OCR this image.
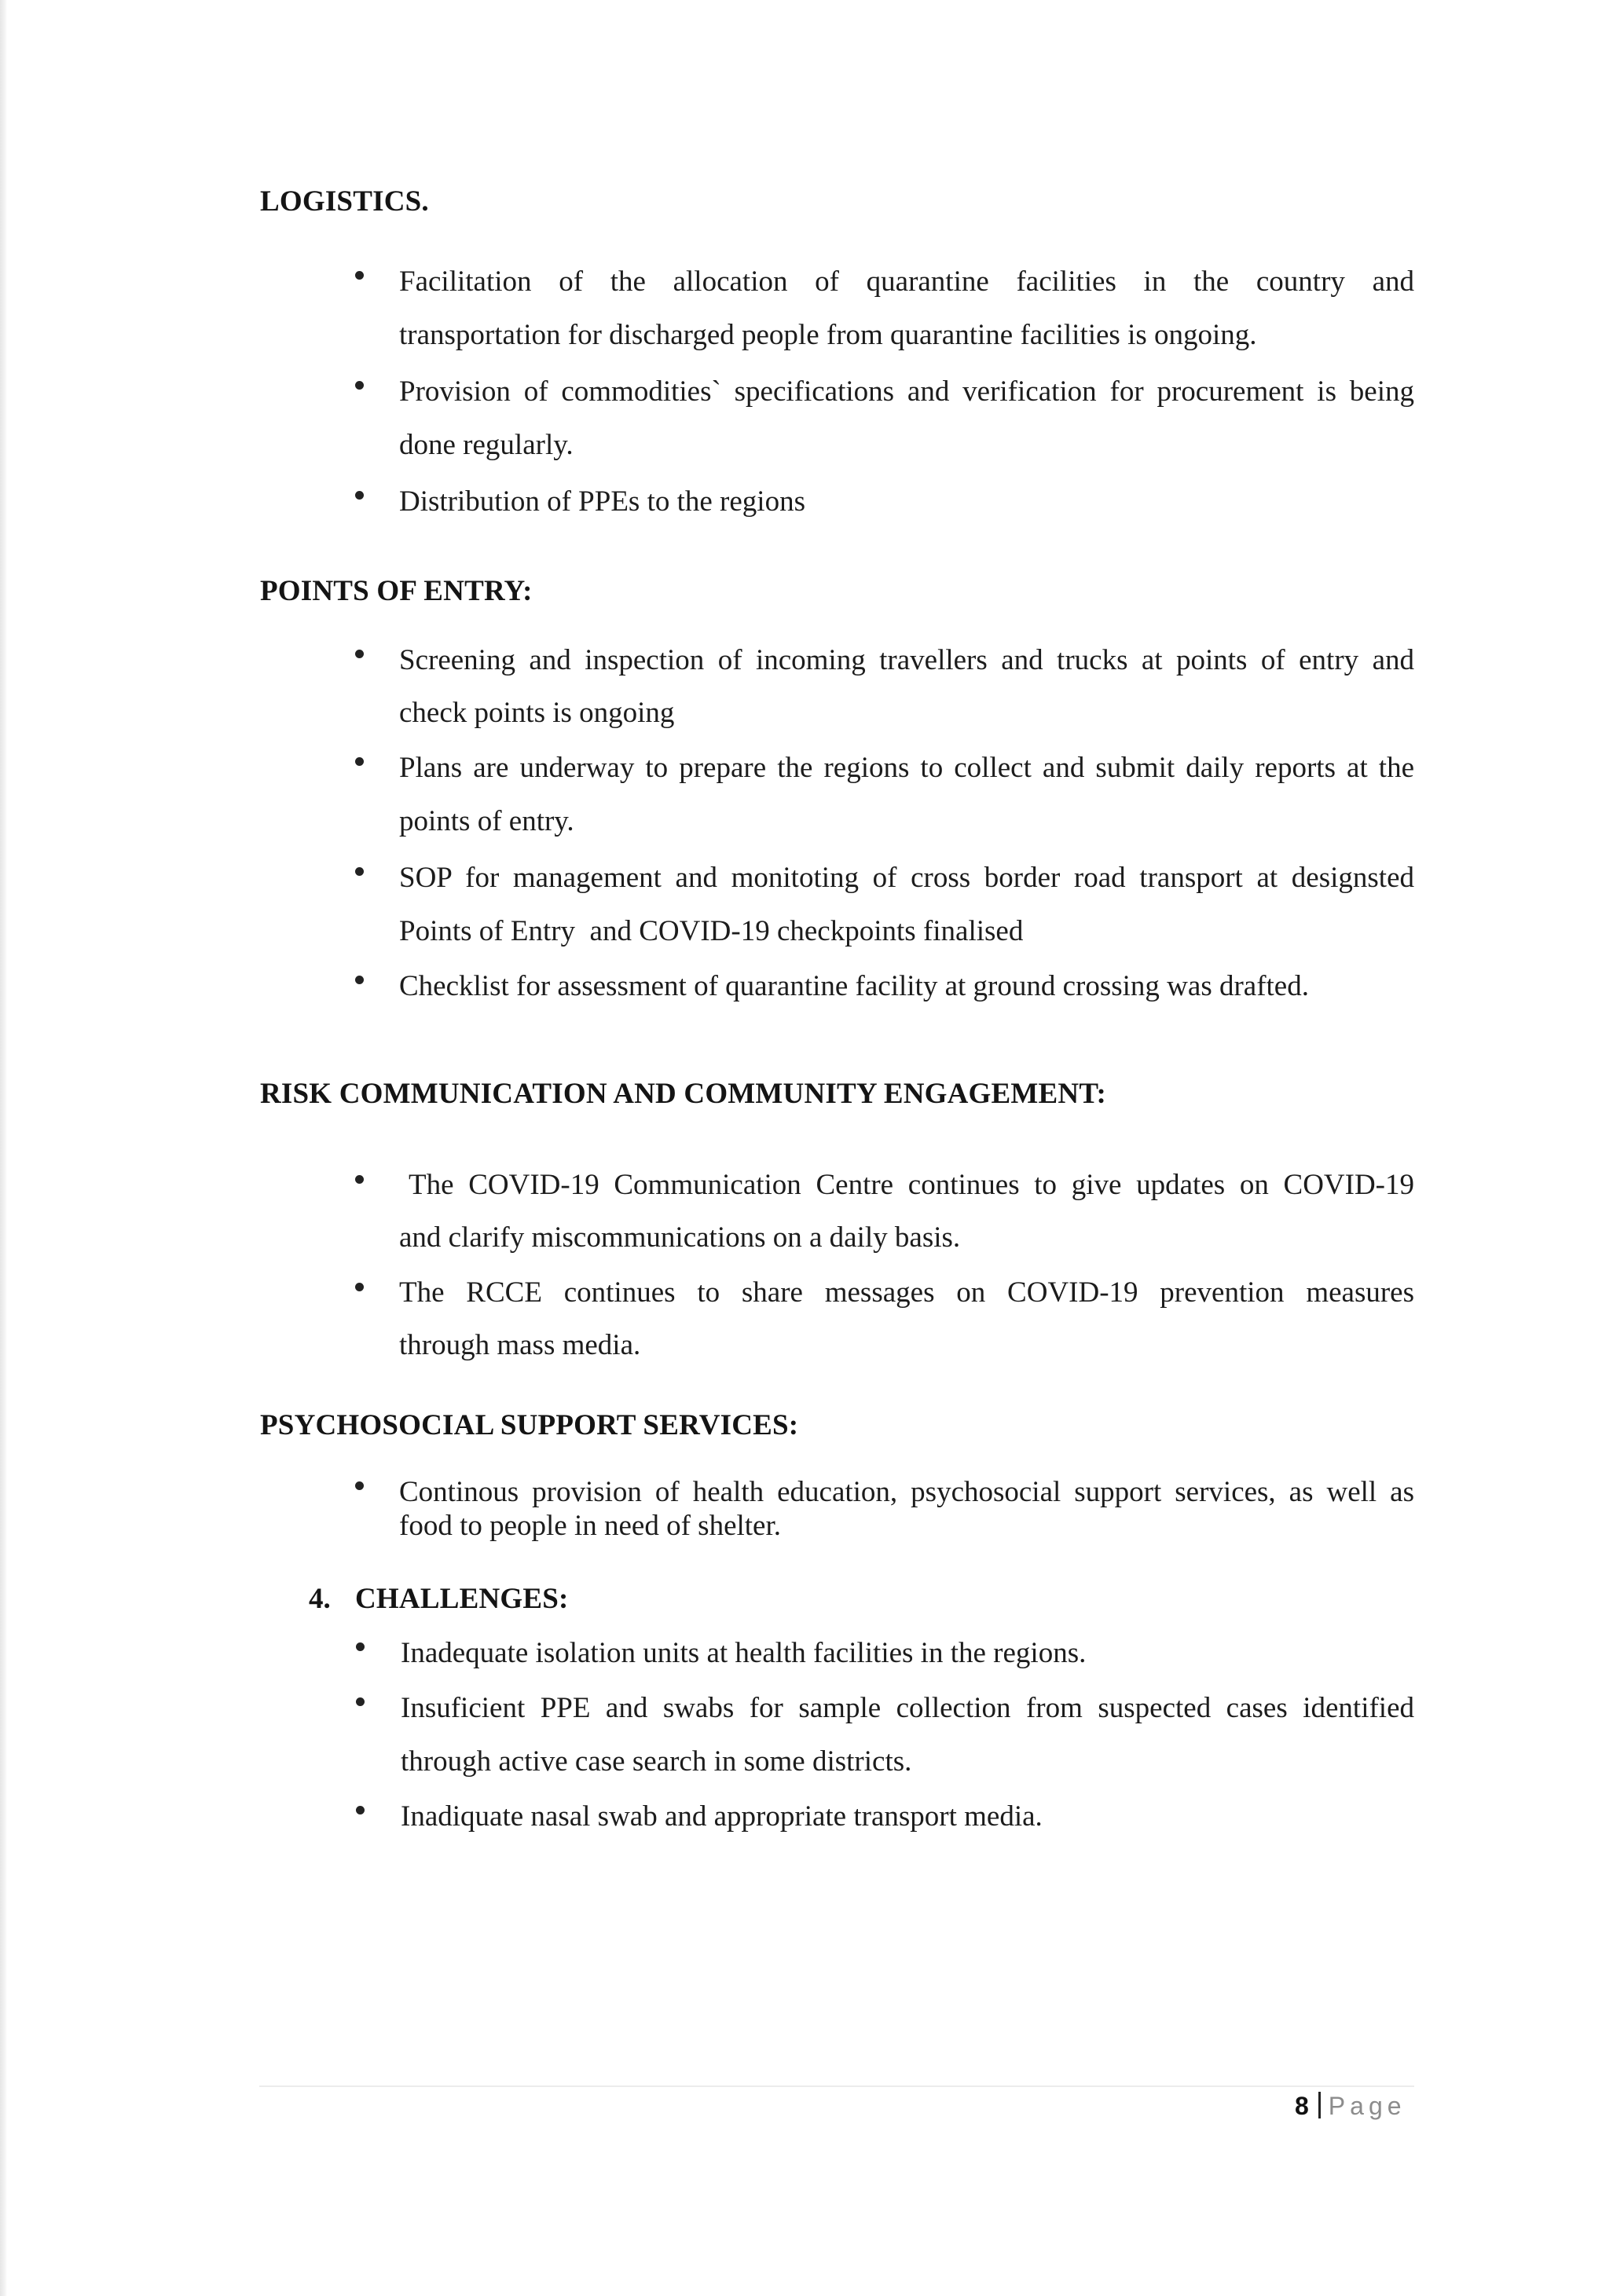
LOGISTICS.
Facilitation of the allocation of quarantine facilities in the country and
transportation for discharged people from quarantine facilities is ongoing.
Provision of commodities` specifications and verification for procurement is being
done regularly.
Distribution of PPEs to the regions
POINTS OF ENTRY:
Screening and inspection of incoming travellers and trucks at points of entry and
check points is ongoing
Plans are underway to prepare the regions to collect and submit daily reports at the
points of entry.
SOP for management and monitoting of cross border road transport at designsted
Points of Entry  and COVID-19 checkpoints finalised
Checklist for assessment of quarantine facility at ground crossing was drafted.
RISK COMMUNICATION AND COMMUNITY ENGAGEMENT:
The COVID-19 Communication Centre continues to give updates on COVID-19
and clarify miscommunications on a daily basis.
The RCCE continues to share messages on COVID-19 prevention measures
through mass media.
PSYCHOSOCIAL SUPPORT SERVICES:
Continous provision of health education, psychosocial support services, as well as
food to people in need of shelter.
4. CHALLENGES:
Inadequate isolation units at health facilities in the regions.
Insuficient PPE and swabs for sample collection from suspected cases identified
through active case search in some districts.
Inadiquate nasal swab and appropriate transport media.
8 Page
